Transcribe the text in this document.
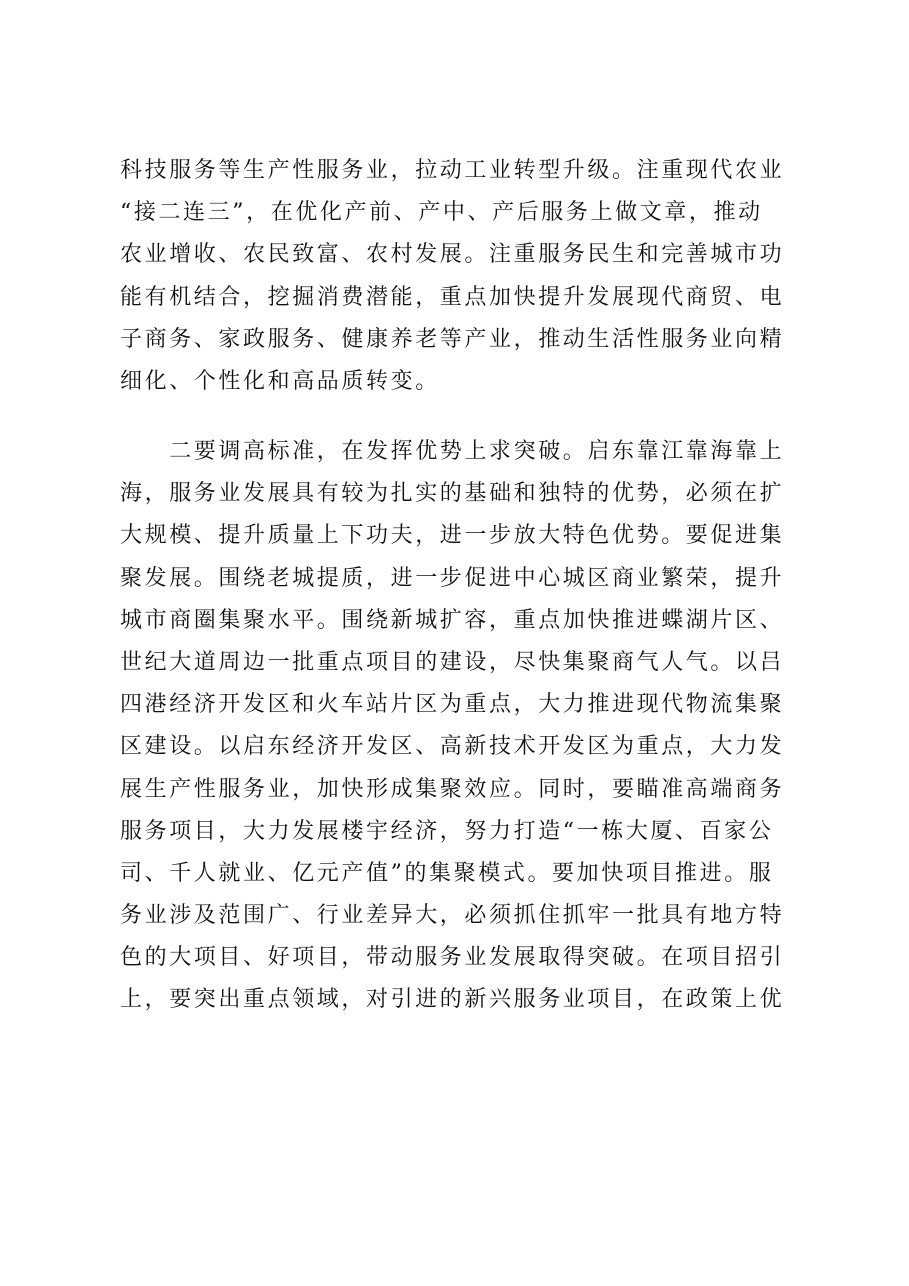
科技服务等生产性服务业，拉动工业转型升级。注重现代农业
“接二连三”，在优化产前、产中、产后服务上做文章，推动
农业增收、农民致富、农村发展。注重服务民生和完善城市功
能有机结合，挖掘消费潜能，重点加快提升发展现代商贸、电
子商务、家政服务、健康养老等产业，推动生活性服务业向精
细化、个性化和高品质转变。
　　二要调高标准，在发挥优势上求突破。启东靠江靠海靠上
海，服务业发展具有较为扎实的基础和独特的优势，必须在扩
大规模、提升质量上下功夫，进一步放大特色优势。要促进集
聚发展。围绕老城提质，进一步促进中心城区商业繁荣，提升
城市商圈集聚水平。围绕新城扩容，重点加快推进蝶湖片区、
世纪大道周边一批重点项目的建设，尽快集聚商气人气。以吕
四港经济开发区和火车站片区为重点，大力推进现代物流集聚
区建设。以启东经济开发区、高新技术开发区为重点，大力发
展生产性服务业，加快形成集聚效应。同时，要瞄准高端商务
服务项目，大力发展楼宇经济，努力打造“一栋大厦、百家公
司、千人就业、亿元产值”的集聚模式。要加快项目推进。服
务业涉及范围广、行业差异大，必须抓住抓牢一批具有地方特
色的大项目、好项目，带动服务业发展取得突破。在项目招引
上，要突出重点领域，对引进的新兴服务业项目，在政策上优
